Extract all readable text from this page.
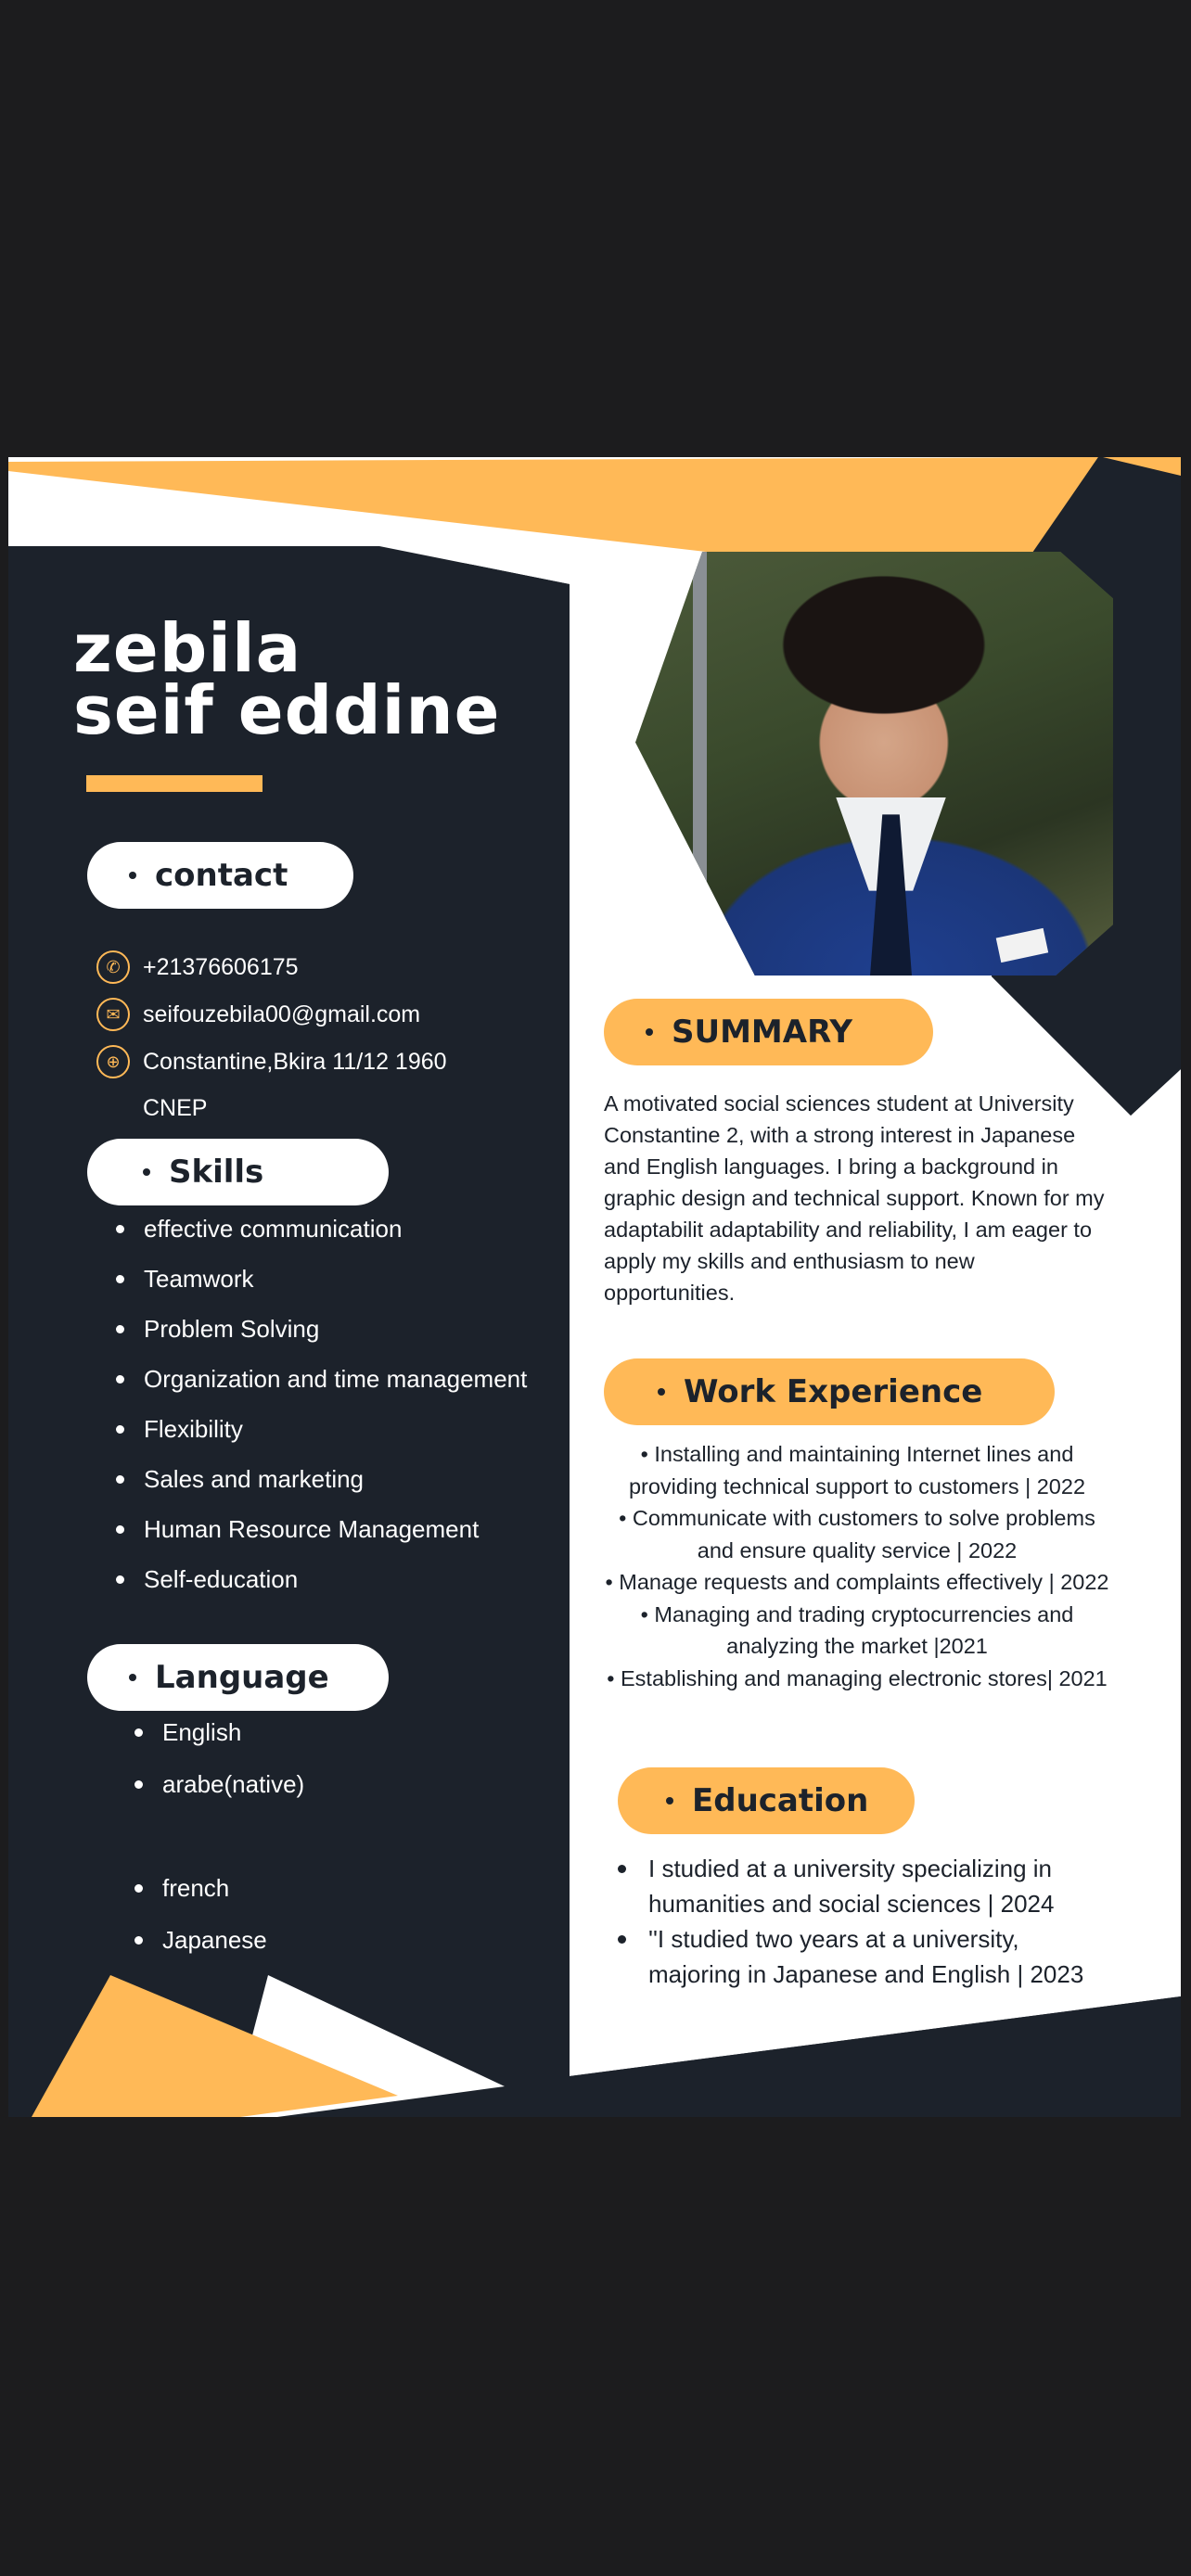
zebila
seif eddine
contact
✆ +21376606175
✉ seifouzebila00@gmail.com
⊕ Constantine,Bkira 11/12 1960
CNEP
Skills
effective communication
Teamwork
Problem Solving
Organization and time management
Flexibility
Sales and marketing
Human Resource Management
Self-education
Language
English
arabe(native)
french
Japanese
SUMMARY

A motivated social sciences student at University Constantine 2, with a strong interest in Japanese and English languages. I bring a background in graphic design and technical support. Known for my adaptabilit adaptability and reliability, I am eager to apply my skills and enthusiasm to new opportunities.

Work Experience
• Installing and maintaining Internet lines and providing technical support to customers | 2022
• Communicate with customers to solve problems and ensure quality service | 2022
• Manage requests and complaints effectively | 2022
• Managing and trading cryptocurrencies and analyzing the market |2021
• Establishing and managing electronic stores| 2021
Education
I studied at a university specializing in humanities and social sciences | 2024
''I studied two years at a university, majoring in Japanese and English | 2023
